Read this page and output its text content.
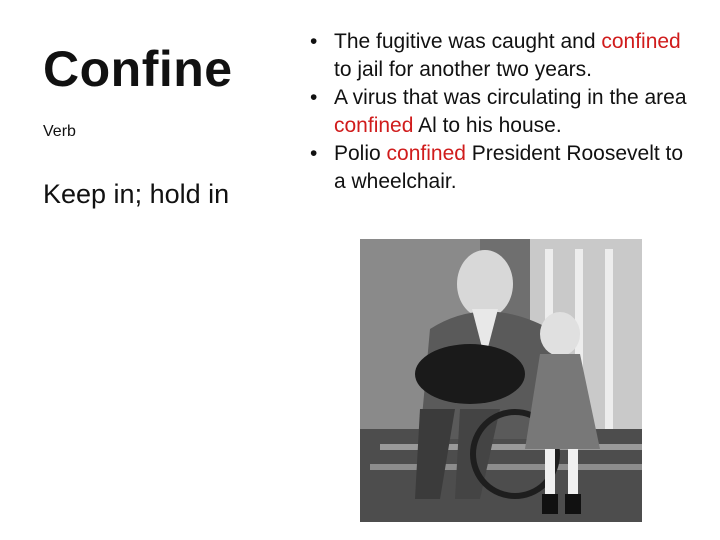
Confine
Verb
Keep in; hold in
• The fugitive was caught and confined to jail for another two years.
• A virus that was circulating in the area confined Al to his house.
• Polio confined President Roosevelt to a wheelchair.
